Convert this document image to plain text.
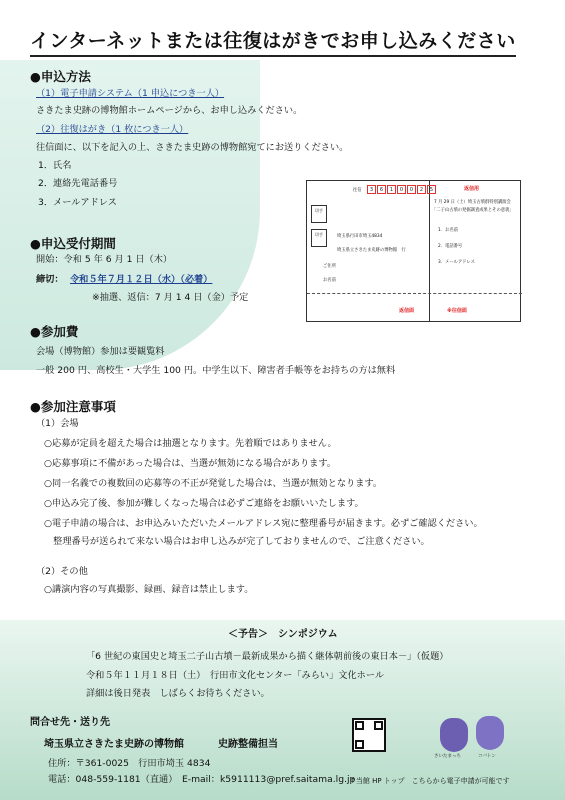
インターネットまたは往復はがきでお申し込みください
●申込方法
（1）電子申請システム（1 申込につき一人）
さきたま史跡の博物館ホームページから、お申し込みください。
（2）往復はがき（1 枚につき一人）
往信面に、以下を記入の上、さきたま史跡の博物館宛てにお送りください。
1．氏名
2．連絡先電話番号
3．メールアドレス
切手
往信	3	6	1	0	0	2	5
切手	埼玉県行田市埼玉4834
埼玉県立さきたま史跡の博物館　行
ご住所
お名前
返信用
7 月 29 日（土）埼玉古墳群特別講演会
「二子山古墳の発掘調査成果とその意義」
1．お名前
2．電話番号
3．メールアドレス
返信面	※往信面
●申込受付期間
開始：令和 5 年 6 月 1 日（木）
締切： 令和５年７月１２日（水）（必着）
※抽選、返信：7 月 1 4 日（金）予定
●参加費
会場（博物館）参加は要観覧料
一般 200 円、高校生・大学生 100 円。中学生以下、障害者手帳等をお持ちの方は無料
●参加注意事項
（1）会場
○応募が定員を超えた場合は抽選となります。先着順ではありません。
○応募事項に不備があった場合は、当選が無効になる場合があります。
○同一名義での複数回の応募等の不正が発覚した場合は、当選が無効となります。
○申込み完了後、参加が難しくなった場合は必ずご連絡をお願いいたします。
○電子申請の場合は、お申込みいただいたメールアドレス宛に整理番号が届きます。必ずご確認ください。
　整理番号が送られて来ない場合はお申し込みが完了しておりませんので、ご注意ください。
（2）その他
○講演内容の写真撮影、録画、録音は禁止します。
＜予告＞　シンポジウム
「6 世紀の東国史と埼玉二子山古墳－最新成果から描く継体朝前後の東日本－」（仮題）
令和５年１１月１８日（土）　行田市文化センター「みらい」文化ホール
詳細は後日発表　しばらくお待ちください。
問合せ先・送り先
埼玉県立さきたま史跡の博物館	史跡整備担当
住所：〒361-0025　行田市埼玉 4834
電話：048-559-1181（直通）　E-mail：k5911113@pref.saitama.lg.jp
さいたまっち	コバトン
↑当館 HP トップ　こちらから電子申請が可能です
